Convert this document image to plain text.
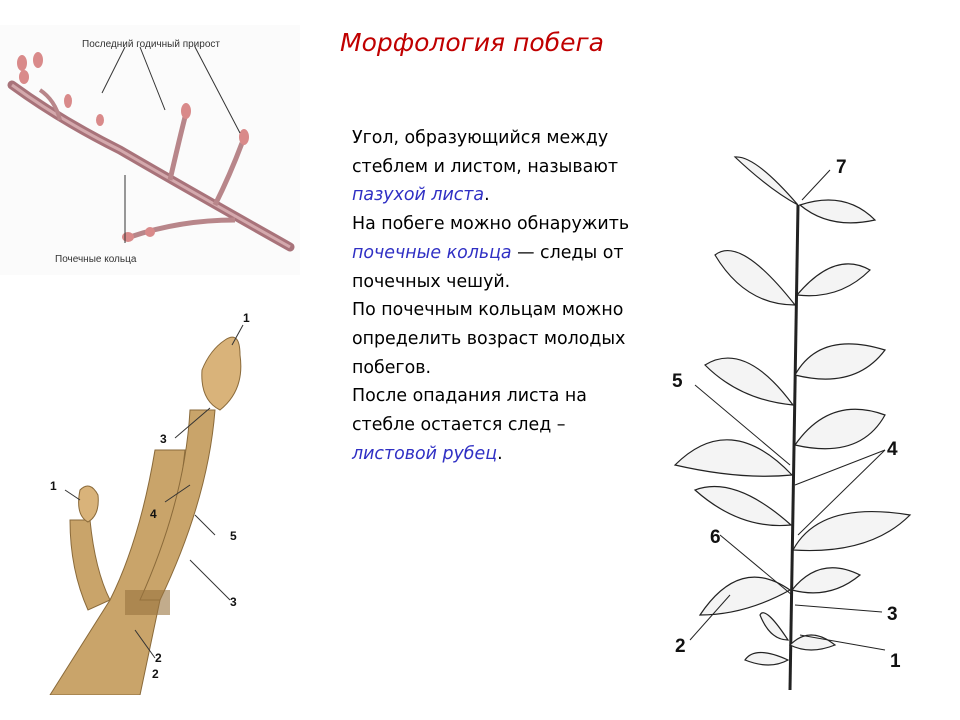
Морфология побега
Угол, образующийся между стеблем и листом, называют пазухой листа.
На побеге можно обнаружить почечные кольца — следы от почечных чешуй.
По почечным кольцам можно определить возраст молодых побегов.
После опадания листа на стебле остается след – листовой рубец.
Последний годичный прирост
Почечные кольца
1
3
4
5
1
3
2
2
7
5
4
6
3
2
1
